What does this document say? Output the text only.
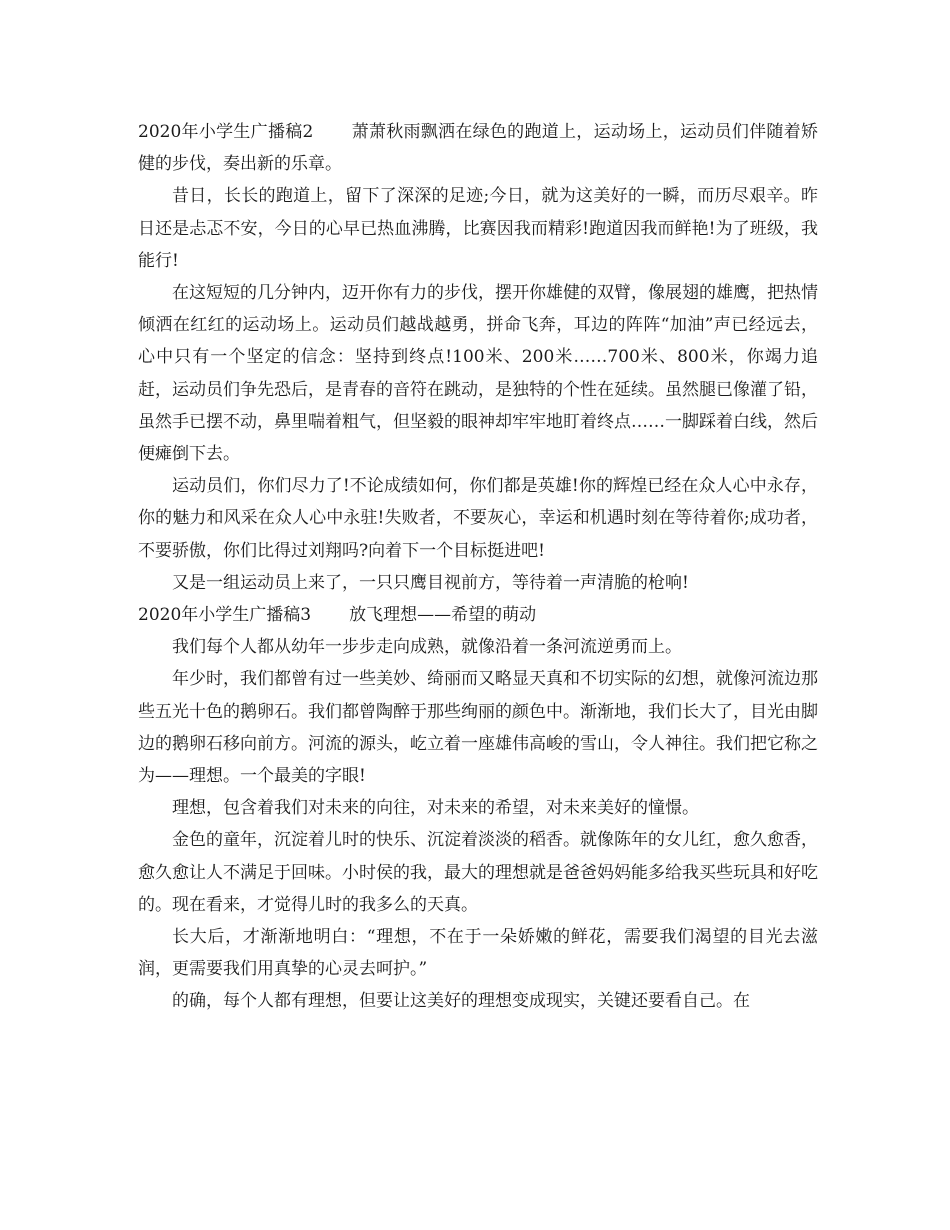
2020年小学生广播稿2 萧萧秋雨飘洒在绿色的跑道上，运动场上，运动员们伴随着矫健的步伐，奏出新的乐章。

昔日，长长的跑道上，留下了深深的足迹;今日，就为这美好的一瞬，而历尽艰辛。昨日还是忐忑不安，今日的心早已热血沸腾，比赛因我而精彩!跑道因我而鲜艳!为了班级，我能行!

在这短短的几分钟内，迈开你有力的步伐，摆开你雄健的双臂，像展翅的雄鹰，把热情倾洒在红红的运动场上。运动员们越战越勇，拼命飞奔，耳边的阵阵“加油”声已经远去，心中只有一个坚定的信念：坚持到终点!100米、200米……700米、800米，你竭力追赶，运动员们争先恐后，是青春的音符在跳动，是独特的个性在延续。虽然腿已像灌了铅，虽然手已摆不动，鼻里喘着粗气，但坚毅的眼神却牢牢地盯着终点……一脚踩着白线，然后便瘫倒下去。

运动员们，你们尽力了!不论成绩如何，你们都是英雄!你的辉煌已经在众人心中永存，你的魅力和风采在众人心中永驻!失败者，不要灰心，幸运和机遇时刻在等待着你;成功者，不要骄傲，你们比得过刘翔吗?向着下一个目标挺进吧!

又是一组运动员上来了，一只只鹰目视前方，等待着一声清脆的枪响!

2020年小学生广播稿3 放飞理想——希望的萌动

我们每个人都从幼年一步步走向成熟，就像沿着一条河流逆勇而上。

年少时，我们都曾有过一些美妙、绮丽而又略显天真和不切实际的幻想，就像河流边那些五光十色的鹅卵石。我们都曾陶醉于那些绚丽的颜色中。渐渐地，我们长大了，目光由脚边的鹅卵石移向前方。河流的源头，屹立着一座雄伟高峻的雪山，令人神往。我们把它称之为——理想。一个最美的字眼!

理想，包含着我们对未来的向往，对未来的希望，对未来美好的憧憬。

金色的童年，沉淀着儿时的快乐、沉淀着淡淡的稻香。就像陈年的女儿红，愈久愈香，愈久愈让人不满足于回味。小时侯的我，最大的理想就是爸爸妈妈能多给我买些玩具和好吃的。现在看来，才觉得儿时的我多么的天真。

长大后，才渐渐地明白：“理想，不在于一朵娇嫩的鲜花，需要我们渴望的目光去滋润，更需要我们用真挚的心灵去呵护。”

的确，每个人都有理想，但要让这美好的理想变成现实，关键还要看自己。在
